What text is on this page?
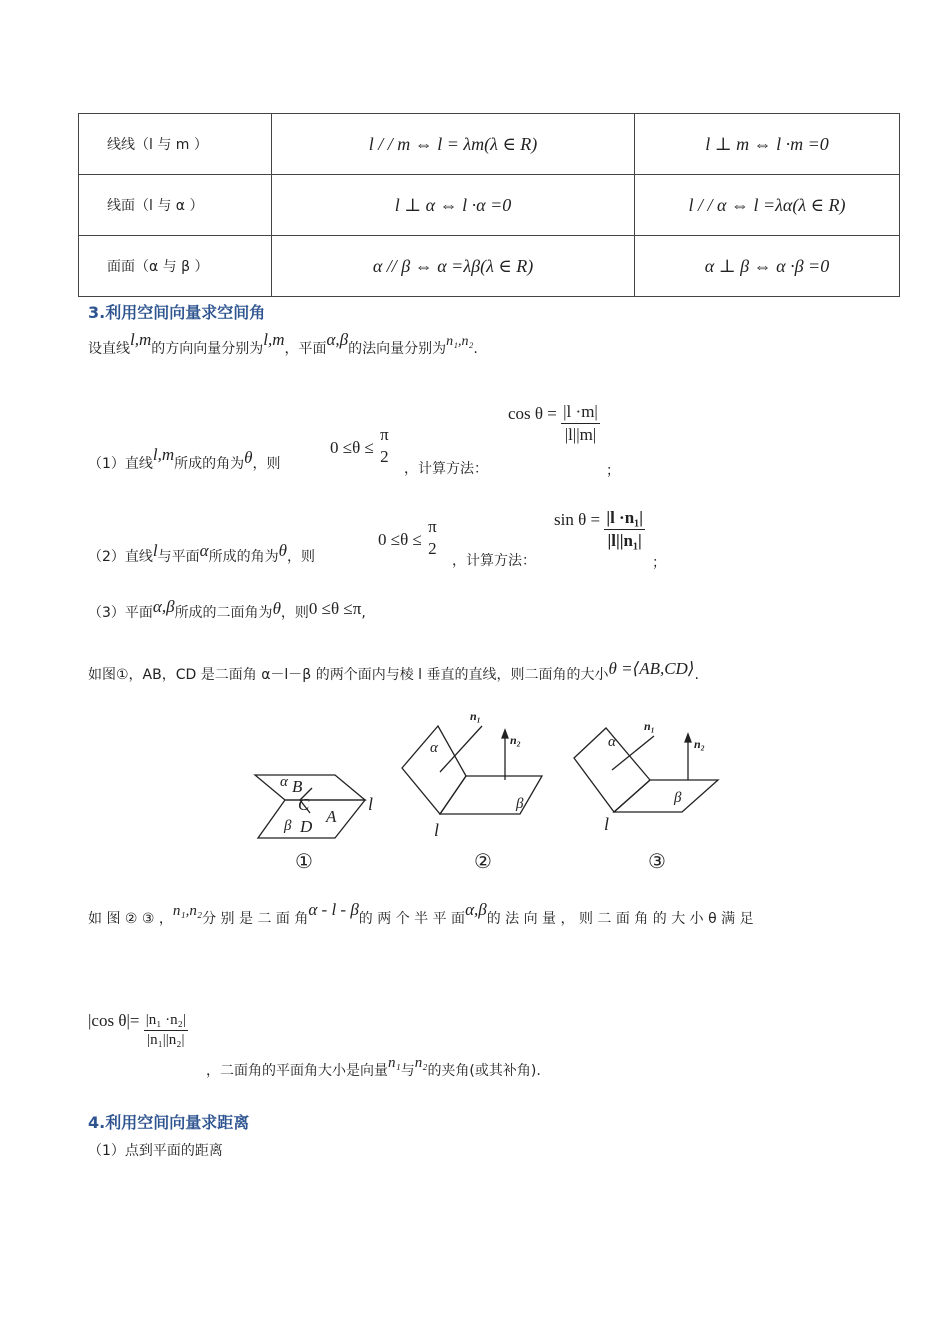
线线（l 与 m ）	l / / m ⇔ l = λm(λ ∈ R)	l ⊥ m ⇔ l ·m =0
线面（l 与 α ）	l ⊥ α ⇔ l ·α =0	l / / α ⇔ l =λα(λ ∈ R)
面面（α 与 β ）	α // β ⇔ α =λβ(λ ∈ R)	α ⊥ β ⇔ α ·β =0
3.利用空间向量求空间角
设直线l,m的方向向量分别为l,m，平面α,β的法向量分别为n₁,n₂.
（1）直线l,m所成的角为θ，则
0 ≤θ ≤
π
2
，计算方法：
$\cos \theta = \frac{|l \cdot m|}{|l||m|}$
；
（2）直线l与平面α所成的角为θ，则
0 ≤θ ≤
π
2
，计算方法：
$\sin \theta = \frac{\text{|l ·n₁|}}{\text{|l||n₁|}}$
；
（3）平面α,β所成的二面角为θ，则0 ≤θ ≤π,
如图①，AB，CD 是二面角 α－l－β 的两个面内与棱 l 垂直的直线，则二面角的大小θ =⟨AB,CD⟩.
α B
C
A
β D
l
①
α
n₁
n₂
β
l
②
α
n₁
n₂
β
l
③
如 图 ② ③ ，n₁,n₂分 别 是 二 面 角α - l - β的 两 个 半 平 面α,β的 法 向 量 ， 则 二 面 角 的 大 小 θ 满 足
|cos $\theta|= \frac{\text{|n₁ ·n₂|}}{\text{|n₁||n₂|}}$
，二面角的平面角大小是向量n₁与n₂的夹角(或其补角).
4.利用空间向量求距离
（1）点到平面的距离
